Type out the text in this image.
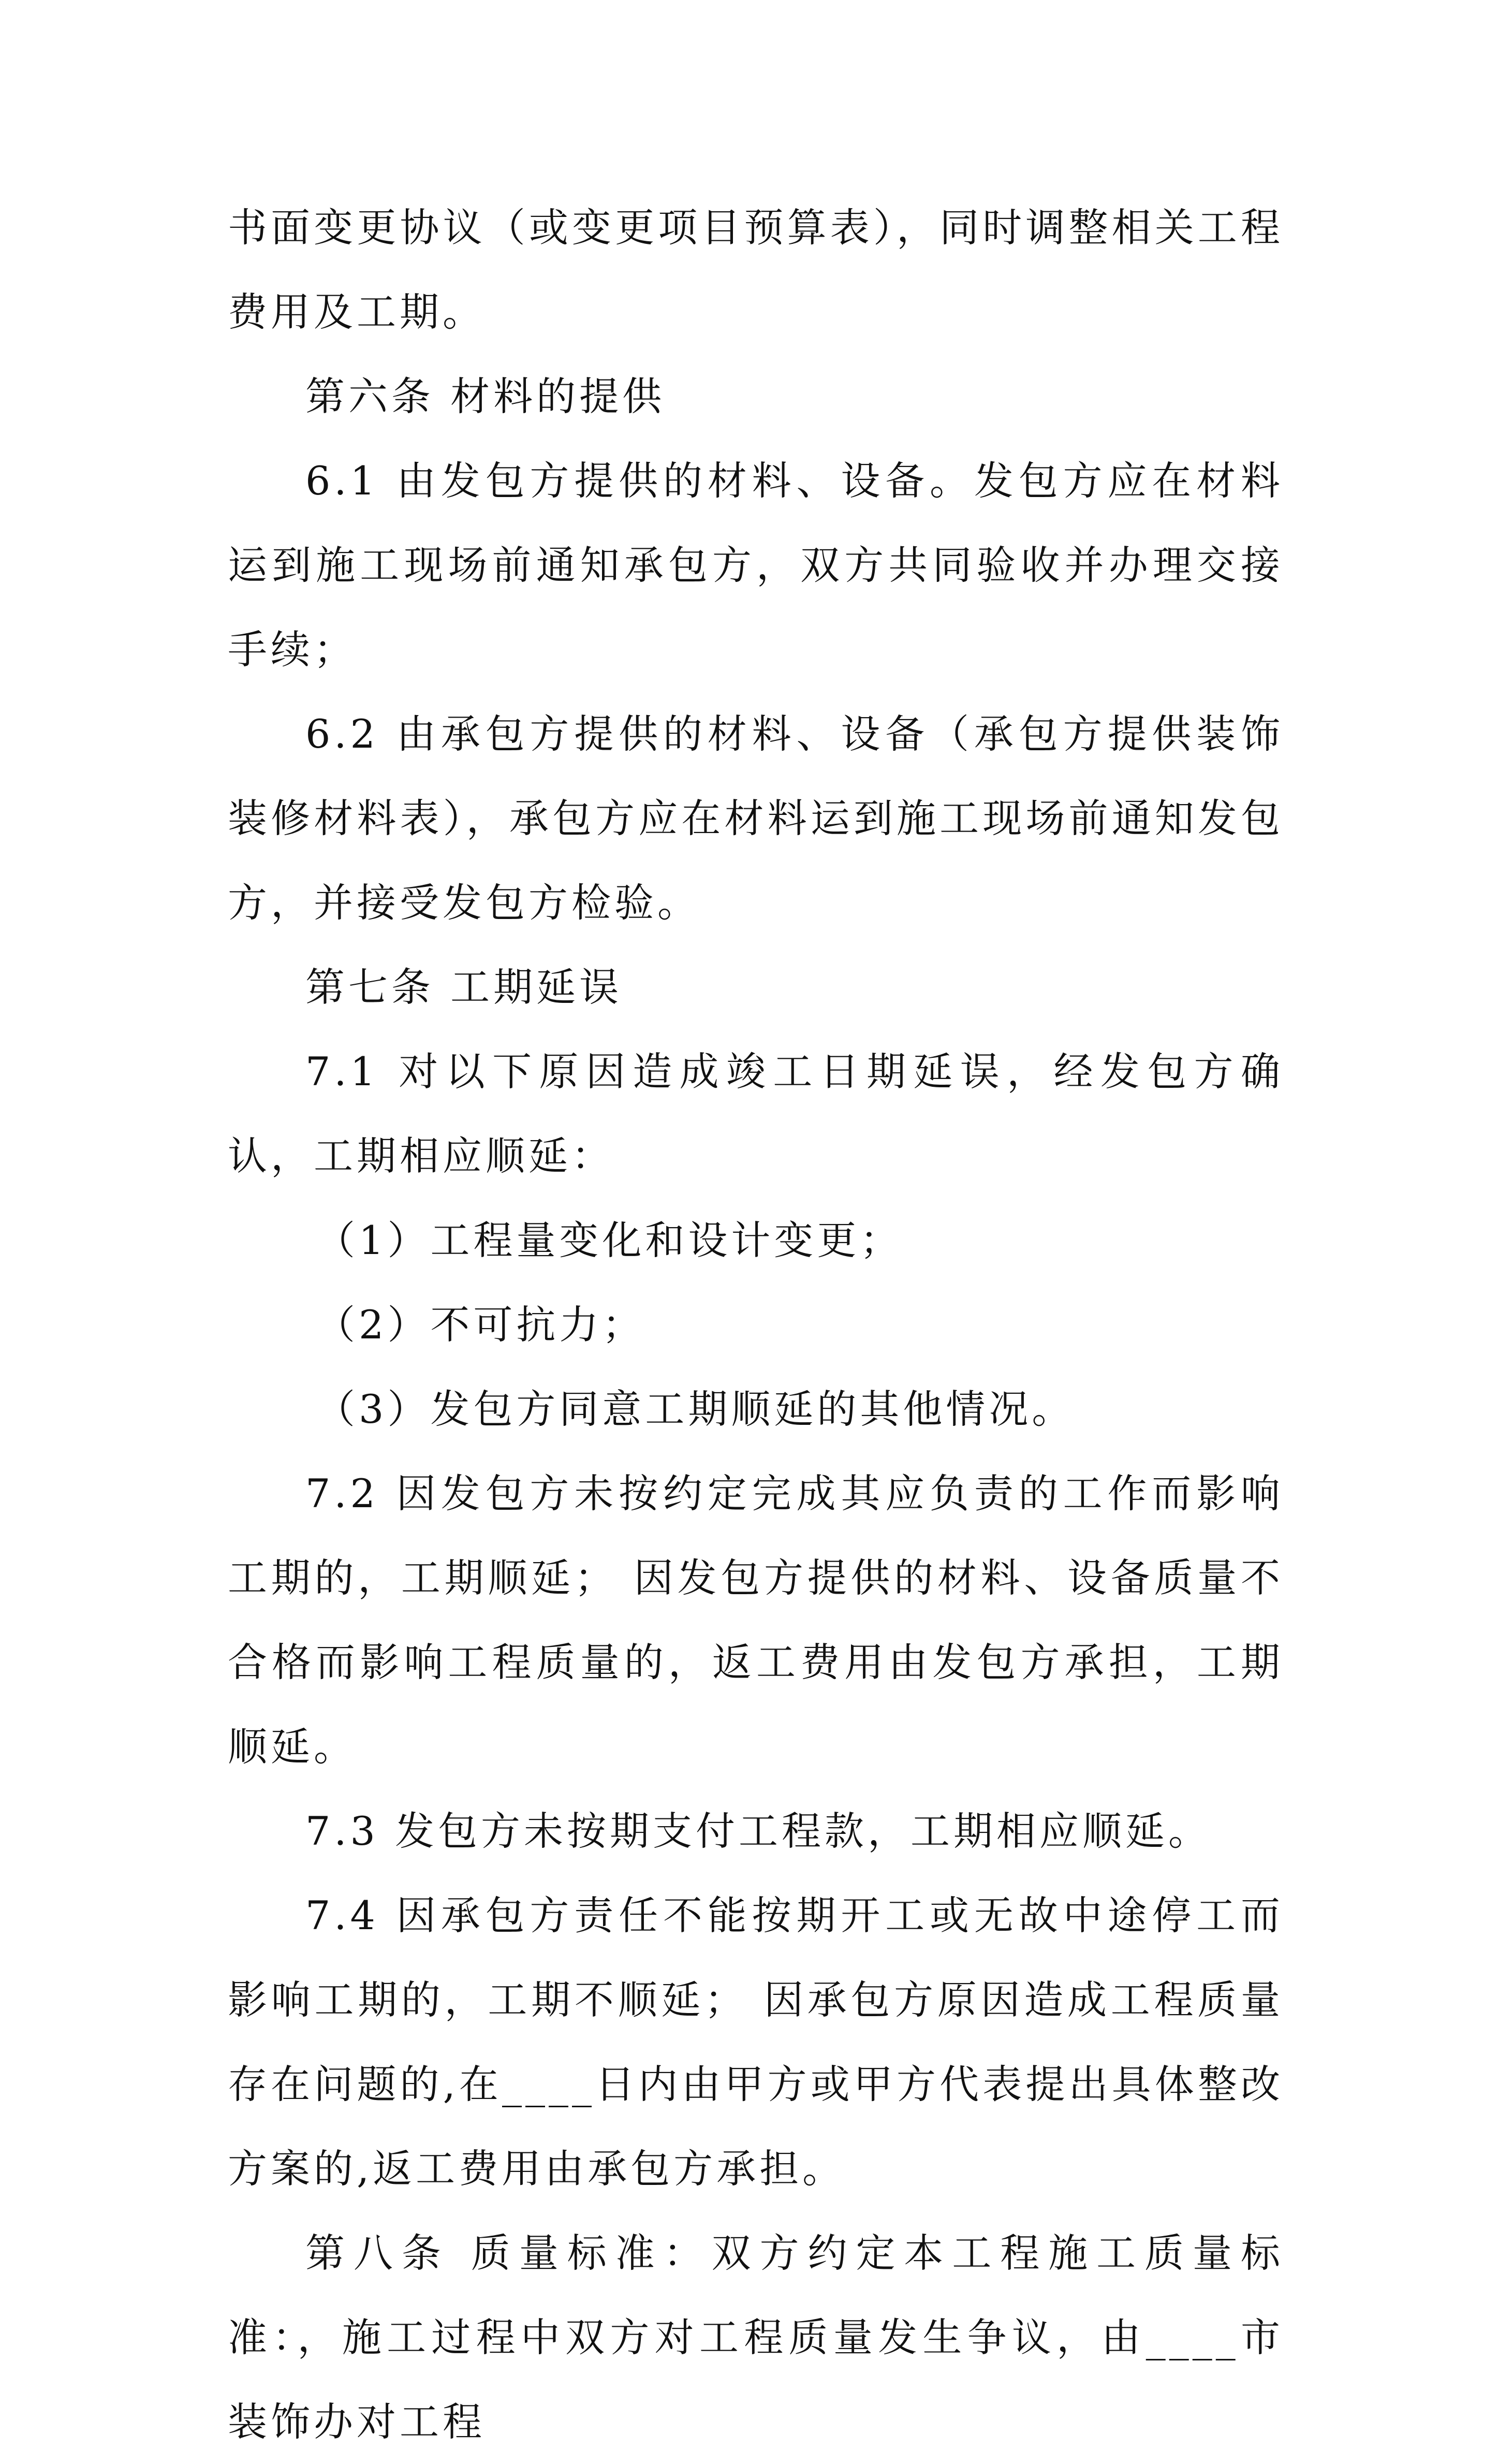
书面变更协议（或变更项目预算表），同时调整相关工程费用及工期。

第六条 材料的提供

6.1 由发包方提供的材料、设备。发包方应在材料运到施工现场前通知承包方，双方共同验收并办理交接手续；

6.2 由承包方提供的材料、设备（承包方提供装饰装修材料表），承包方应在材料运到施工现场前通知发包方，并接受发包方检验。

第七条 工期延误

7.1 对以下原因造成竣工日期延误，经发包方确认，工期相应顺延：

（1）工程量变化和设计变更；

（2）不可抗力；

（3）发包方同意工期顺延的其他情况。

7.2 因发包方未按约定完成其应负责的工作而影响工期的，工期顺延； 因发包方提供的材料、设备质量不合格而影响工程质量的，返工费用由发包方承担，工期顺延。

7.3 发包方未按期支付工程款，工期相应顺延。

7.4 因承包方责任不能按期开工或无故中途停工而影响工期的，工期不顺延； 因承包方原因造成工程质量存在问题的,在____日内由甲方或甲方代表提出具体整改方案的,返工费用由承包方承担。

第八条 质量标准：双方约定本工程施工质量标准：，施工过程中双方对工程质量发生争议，由____市装饰办对工程
